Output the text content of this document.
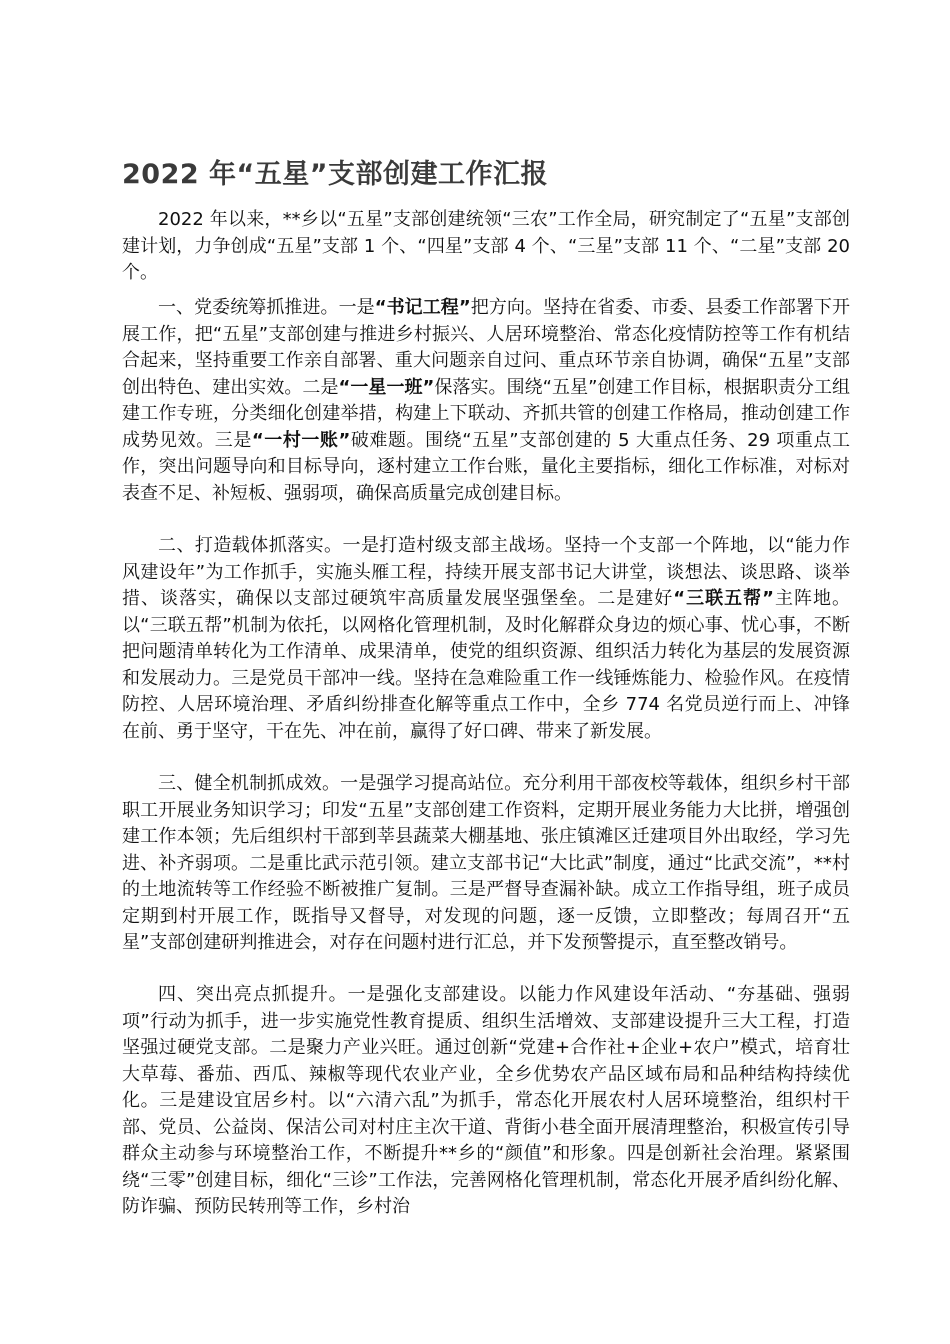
2022 年“五星”支部创建工作汇报

2022 年以来，**乡以“五星”支部创建统领“三农”工作全局，研究制定了“五星”支部创建计划，力争创成“五星”支部 1 个、“四星”支部 4 个、“三星”支部 11 个、“二星”支部 20 个。

一、党委统筹抓推进。一是“书记工程”把方向。坚持在省委、市委、县委工作部署下开展工作，把“五星”支部创建与推进乡村振兴、人居环境整治、常态化疫情防控等工作有机结合起来，坚持重要工作亲自部署、重大问题亲自过问、重点环节亲自协调，确保“五星”支部创出特色、建出实效。二是“一星一班”保落实。围绕“五星”创建工作目标，根据职责分工组建工作专班，分类细化创建举措，构建上下联动、齐抓共管的创建工作格局，推动创建工作成势见效。三是“一村一账”破难题。围绕“五星”支部创建的 5 大重点任务、29 项重点工作，突出问题导向和目标导向，逐村建立工作台账，量化主要指标，细化工作标准，对标对表查不足、补短板、强弱项，确保高质量完成创建目标。

二、打造载体抓落实。一是打造村级支部主战场。坚持一个支部一个阵地，以“能力作风建设年”为工作抓手，实施头雁工程，持续开展支部书记大讲堂，谈想法、谈思路、谈举措、谈落实，确保以支部过硬筑牢高质量发展坚强堡垒。二是建好“三联五帮”主阵地。以“三联五帮”机制为依托，以网格化管理机制，及时化解群众身边的烦心事、忧心事，不断把问题清单转化为工作清单、成果清单，使党的组织资源、组织活力转化为基层的发展资源和发展动力。三是党员干部冲一线。坚持在急难险重工作一线锤炼能力、检验作风。在疫情防控、人居环境治理、矛盾纠纷排查化解等重点工作中，全乡 774 名党员逆行而上、冲锋在前、勇于坚守，干在先、冲在前，赢得了好口碑、带来了新发展。

三、健全机制抓成效。一是强学习提高站位。充分利用干部夜校等载体，组织乡村干部职工开展业务知识学习；印发“五星”支部创建工作资料，定期开展业务能力大比拼，增强创建工作本领；先后组织村干部到莘县蔬菜大棚基地、张庄镇滩区迁建项目外出取经，学习先进、补齐弱项。二是重比武示范引领。建立支部书记“大比武”制度，通过“比武交流”，**村的土地流转等工作经验不断被推广复制。三是严督导查漏补缺。成立工作指导组，班子成员定期到村开展工作，既指导又督导，对发现的问题，逐一反馈，立即整改；每周召开“五星”支部创建研判推进会，对存在问题村进行汇总，并下发预警提示，直至整改销号。

四、突出亮点抓提升。一是强化支部建设。以能力作风建设年活动、“夯基础、强弱项”行动为抓手，进一步实施党性教育提质、组织生活增效、支部建设提升三大工程，打造坚强过硬党支部。二是聚力产业兴旺。通过创新“党建+合作社+企业+农户”模式，培育壮大草莓、番茄、西瓜、辣椒等现代农业产业，全乡优势农产品区域布局和品种结构持续优化。三是建设宜居乡村。以“六清六乱”为抓手，常态化开展农村人居环境整治，组织村干部、党员、公益岗、保洁公司对村庄主次干道、背街小巷全面开展清理整治，积极宣传引导群众主动参与环境整治工作，不断提升**乡的“颜值”和形象。四是创新社会治理。紧紧围绕“三零”创建目标，细化“三诊”工作法，完善网格化管理机制，常态化开展矛盾纠纷化解、防诈骗、预防民转刑等工作，乡村治
